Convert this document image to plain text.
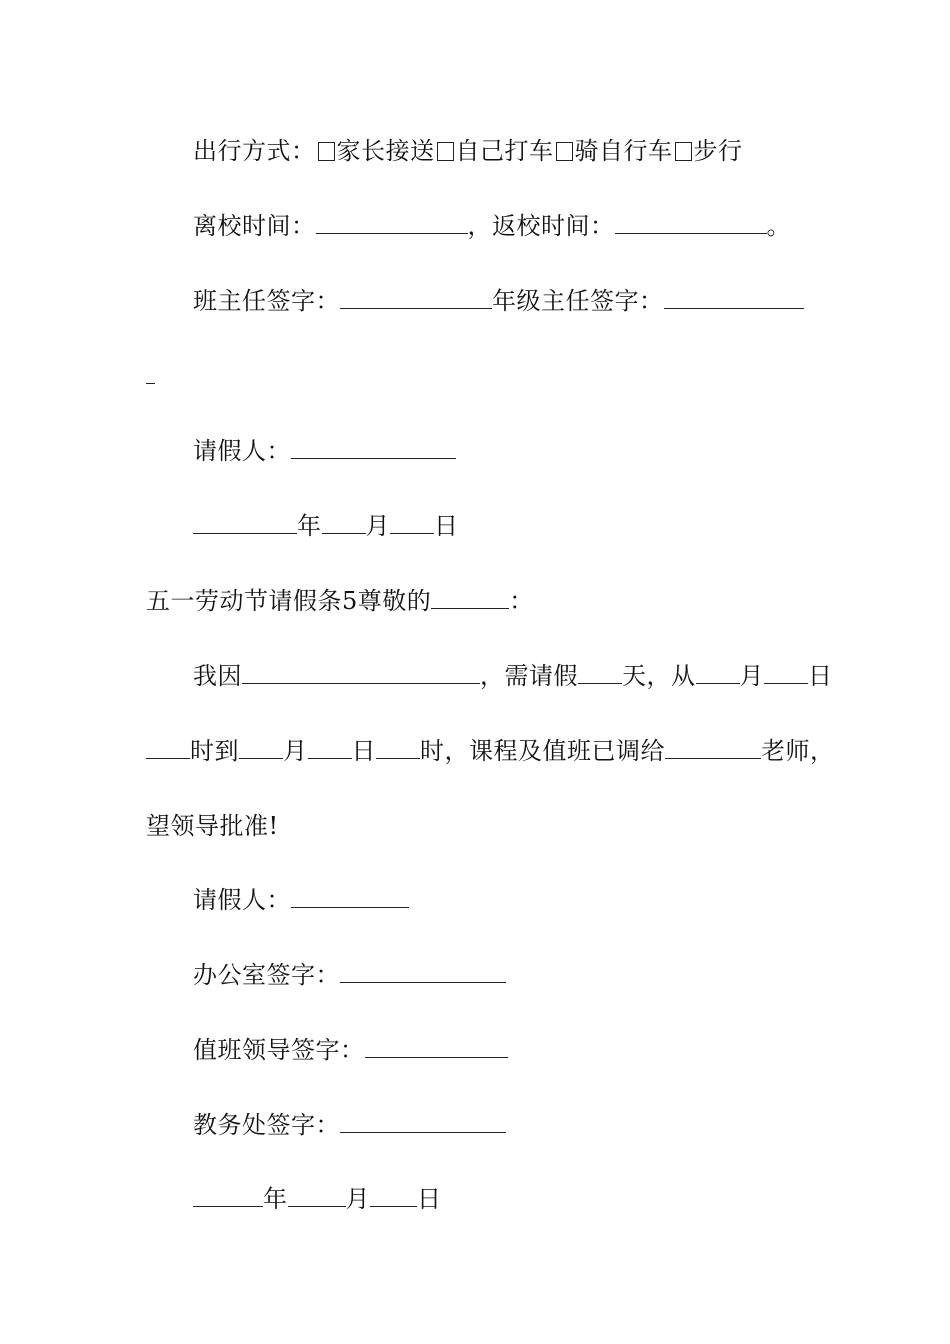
出行方式： 家长接送 自己打车 骑自行车 步行
离校时间：	，返校时间：	。
班主任签字：	年级主任签字：
请假人：
年 月 日
五一劳动节请假条5尊敬的	：
我因	，需请假 天，从 月 日
时到 月 日 时，课程及值班已调给	老师，
望领导批准!
请假人：
办公室签字：
值班领导签字：
教务处签字：
年 月 日
